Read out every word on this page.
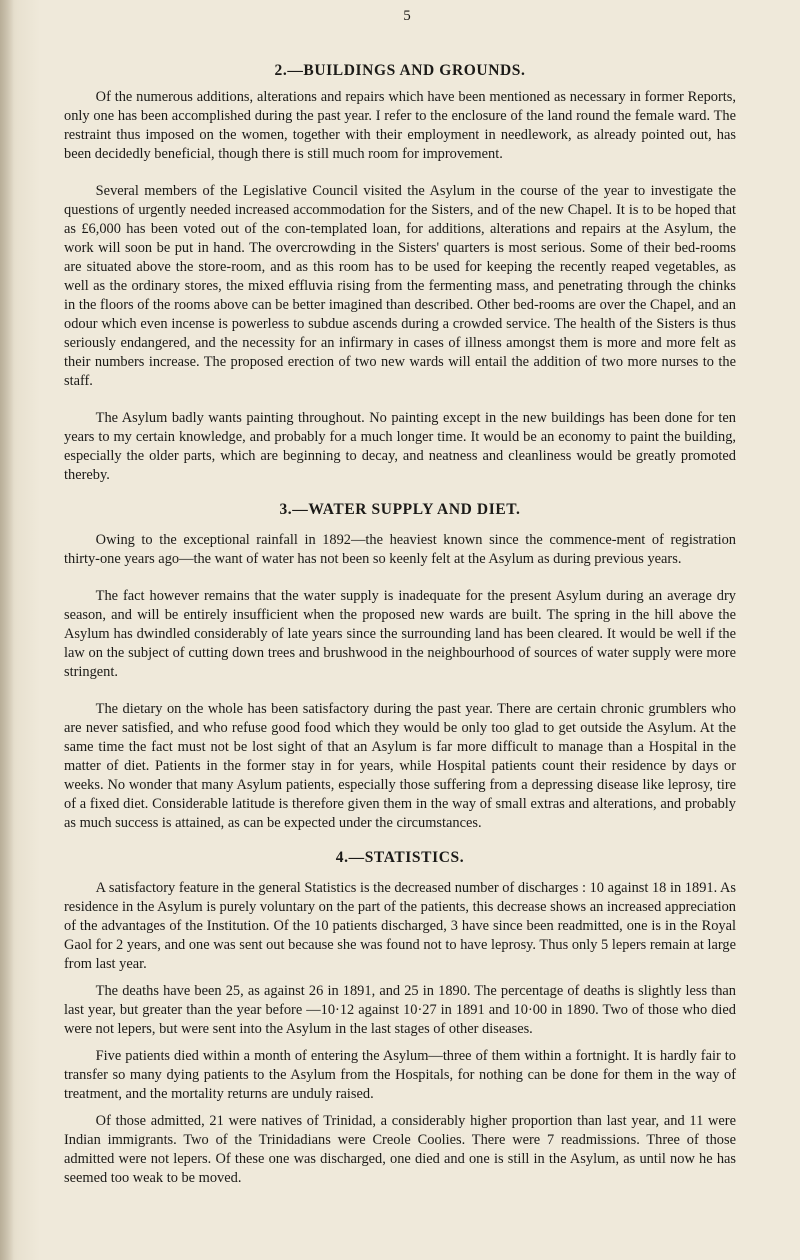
5
2.—BUILDINGS AND GROUNDS.

Of the numerous additions, alterations and repairs which have been mentioned as necessary in former Reports, only one has been accomplished during the past year. I refer to the enclosure of the land round the female ward. The restraint thus imposed on the women, together with their employment in needlework, as already pointed out, has been decidedly beneficial, though there is still much room for improvement.

Several members of the Legislative Council visited the Asylum in the course of the year to investigate the questions of urgently needed increased accommodation for the Sisters, and of the new Chapel. It is to be hoped that as £6,000 has been voted out of the con-templated loan, for additions, alterations and repairs at the Asylum, the work will soon be put in hand. The overcrowding in the Sisters' quarters is most serious. Some of their bed-rooms are situated above the store-room, and as this room has to be used for keeping the recently reaped vegetables, as well as the ordinary stores, the mixed effluvia rising from the fermenting mass, and penetrating through the chinks in the floors of the rooms above can be better imagined than described. Other bed-rooms are over the Chapel, and an odour which even incense is powerless to subdue ascends during a crowded service. The health of the Sisters is thus seriously endangered, and the necessity for an infirmary in cases of illness amongst them is more and more felt as their numbers increase. The proposed erection of two new wards will entail the addition of two more nurses to the staff.

The Asylum badly wants painting throughout. No painting except in the new buildings has been done for ten years to my certain knowledge, and probably for a much longer time. It would be an economy to paint the building, especially the older parts, which are beginning to decay, and neatness and cleanliness would be greatly promoted thereby.

3.—WATER SUPPLY AND DIET.

Owing to the exceptional rainfall in 1892—the heaviest known since the commence-ment of registration thirty-one years ago—the want of water has not been so keenly felt at the Asylum as during previous years.

The fact however remains that the water supply is inadequate for the present Asylum during an average dry season, and will be entirely insufficient when the proposed new wards are built. The spring in the hill above the Asylum has dwindled considerably of late years since the surrounding land has been cleared. It would be well if the law on the subject of cutting down trees and brushwood in the neighbourhood of sources of water supply were more stringent.

The dietary on the whole has been satisfactory during the past year. There are certain chronic grumblers who are never satisfied, and who refuse good food which they would be only too glad to get outside the Asylum. At the same time the fact must not be lost sight of that an Asylum is far more difficult to manage than a Hospital in the matter of diet. Patients in the former stay in for years, while Hospital patients count their residence by days or weeks. No wonder that many Asylum patients, especially those suffering from a depressing disease like leprosy, tire of a fixed diet. Considerable latitude is therefore given them in the way of small extras and alterations, and probably as much success is attained, as can be expected under the circumstances.

4.—STATISTICS.

A satisfactory feature in the general Statistics is the decreased number of discharges : 10 against 18 in 1891. As residence in the Asylum is purely voluntary on the part of the patients, this decrease shows an increased appreciation of the advantages of the Institution. Of the 10 patients discharged, 3 have since been readmitted, one is in the Royal Gaol for 2 years, and one was sent out because she was found not to have leprosy. Thus only 5 lepers remain at large from last year.

The deaths have been 25, as against 26 in 1891, and 25 in 1890. The percentage of deaths is slightly less than last year, but greater than the year before —10·12 against 10·27 in 1891 and 10·00 in 1890. Two of those who died were not lepers, but were sent into the Asylum in the last stages of other diseases.

Five patients died within a month of entering the Asylum—three of them within a fortnight. It is hardly fair to transfer so many dying patients to the Asylum from the Hospitals, for nothing can be done for them in the way of treatment, and the mortality returns are unduly raised.

Of those admitted, 21 were natives of Trinidad, a considerably higher proportion than last year, and 11 were Indian immigrants. Two of the Trinidadians were Creole Coolies. There were 7 readmissions. Three of those admitted were not lepers. Of these one was discharged, one died and one is still in the Asylum, as until now he has seemed too weak to be moved.
